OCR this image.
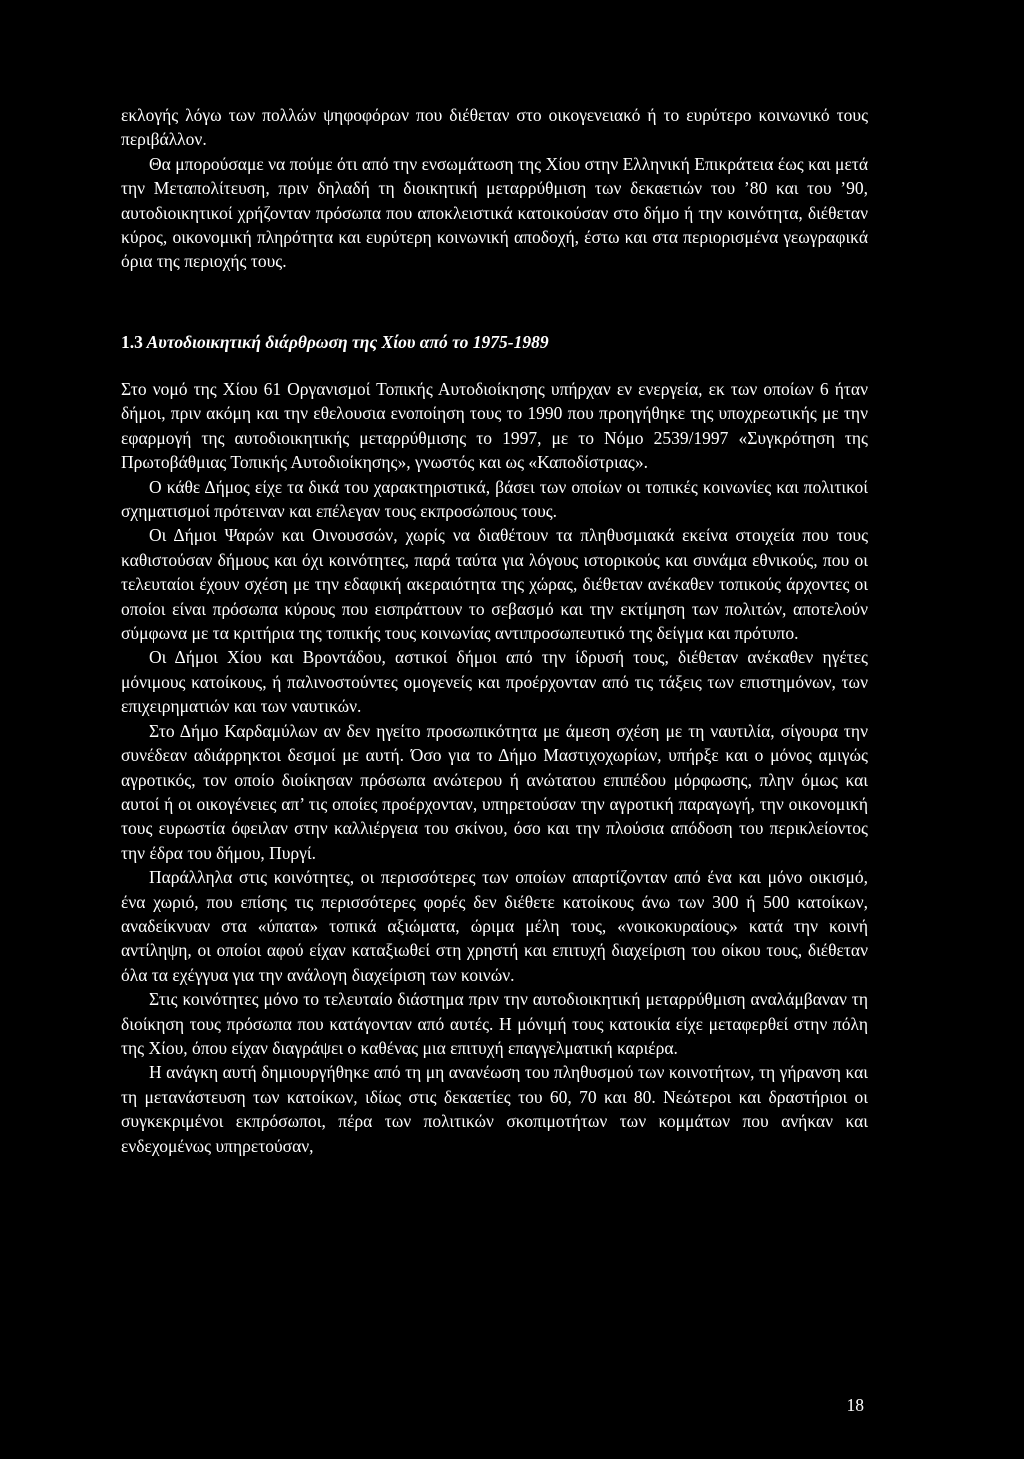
εκλογής λόγω των πολλών ψηφοφόρων που διέθεταν στο οικογενειακό ή το ευρύτερο κοινωνικό τους περιβάλλον.

Θα μπορούσαμε να πούμε ότι από την ενσωμάτωση της Χίου στην Ελληνική Επικράτεια έως και μετά την Μεταπολίτευση, πριν δηλαδή τη διοικητική μεταρρύθμιση των δεκαετιών του ’80 και του ’90, αυτοδιοικητικοί χρήζονταν πρόσωπα που αποκλειστικά κατοικούσαν στο δήμο ή την κοινότητα, διέθεταν κύρος, οικονομική πληρότητα και ευρύτερη κοινωνική αποδοχή, έστω και στα περιορισμένα γεωγραφικά όρια της περιοχής τους.

1.3 Αυτοδιοικητική διάρθρωση της Χίου από το 1975-1989

Στο νομό της Χίου 61 Οργανισμοί Τοπικής Αυτοδιοίκησης υπήρχαν εν ενεργεία, εκ των οποίων 6 ήταν δήμοι, πριν ακόμη και την εθελουσια ενοποίηση τους το 1990 που προηγήθηκε της υποχρεωτικής με την εφαρμογή της αυτοδιοικητικής μεταρρύθμισης το 1997, με το Νόμο 2539/1997 «Συγκρότηση της Πρωτοβάθμιας Τοπικής Αυτοδιοίκησης», γνωστός και ως «Καποδίστριας».

Ο κάθε Δήμος είχε τα δικά του χαρακτηριστικά, βάσει των οποίων οι τοπικές κοινωνίες και πολιτικοί σχηματισμοί πρότειναν και επέλεγαν τους εκπροσώπους τους.

Οι Δήμοι Ψαρών και Οινουσσών, χωρίς να διαθέτουν τα πληθυσμιακά εκείνα στοιχεία που τους καθιστούσαν δήμους και όχι κοινότητες, παρά ταύτα για λόγους ιστορικούς και συνάμα εθνικούς, που οι τελευταίοι έχουν σχέση με την εδαφική ακεραιότητα της χώρας, διέθεταν ανέκαθεν τοπικούς άρχοντες οι οποίοι είναι πρόσωπα κύρους που εισπράττουν το σεβασμό και την εκτίμηση των πολιτών, αποτελούν σύμφωνα με τα κριτήρια της τοπικής τους κοινωνίας αντιπροσωπευτικό της δείγμα και πρότυπο.

Οι Δήμοι Χίου και Βροντάδου, αστικοί δήμοι από την ίδρυσή τους, διέθεταν ανέκαθεν ηγέτες μόνιμους κατοίκους, ή παλινοστούντες ομογενείς και προέρχονταν από τις τάξεις των επιστημόνων, των επιχειρηματιών και των ναυτικών.

Στο Δήμο Καρδαμύλων αν δεν ηγείτο προσωπικότητα με άμεση σχέση με τη ναυτιλία, σίγουρα την συνέδεαν αδιάρρηκτοι δεσμοί με αυτή. Όσο για το Δήμο Μαστιχοχωρίων, υπήρξε και ο μόνος αμιγώς αγροτικός, τον οποίο διοίκησαν πρόσωπα ανώτερου ή ανώτατου επιπέδου μόρφωσης, πλην όμως και αυτοί ή οι οικογένειες απ’ τις οποίες προέρχονταν, υπηρετούσαν την αγροτική παραγωγή, την οικονομική τους ευρωστία όφειλαν στην καλλιέργεια του σκίνου, όσο και την πλούσια απόδοση του περικλείοντος την έδρα του δήμου, Πυργί.

Παράλληλα στις κοινότητες, οι περισσότερες των οποίων απαρτίζονταν από ένα και μόνο οικισμό, ένα χωριό, που επίσης τις περισσότερες φορές δεν διέθετε κατοίκους άνω των 300 ή 500 κατοίκων, αναδείκνυαν στα «ύπατα» τοπικά αξιώματα, ώριμα μέλη τους, «νοικοκυραίους» κατά την κοινή αντίληψη, οι οποίοι αφού είχαν καταξιωθεί στη χρηστή και επιτυχή διαχείριση του οίκου τους, διέθεταν όλα τα εχέγγυα για την ανάλογη διαχείριση των κοινών.

Στις κοινότητες μόνο το τελευταίο διάστημα πριν την αυτοδιοικητική μεταρρύθμιση αναλάμβαναν τη διοίκηση τους πρόσωπα που κατάγονταν από αυτές. Η μόνιμή τους κατοικία είχε μεταφερθεί στην πόλη της Χίου, όπου είχαν διαγράψει ο καθένας μια επιτυχή επαγγελματική καριέρα.

Η ανάγκη αυτή δημιουργήθηκε από τη μη ανανέωση του πληθυσμού των κοινοτήτων, τη γήρανση και τη μετανάστευση των κατοίκων, ιδίως στις δεκαετίες του 60, 70 και 80. Νεώτεροι και δραστήριοι οι συγκεκριμένοι εκπρόσωποι, πέρα των πολιτικών σκοπιμοτήτων των κομμάτων που ανήκαν και ενδεχομένως υπηρετούσαν,

18
